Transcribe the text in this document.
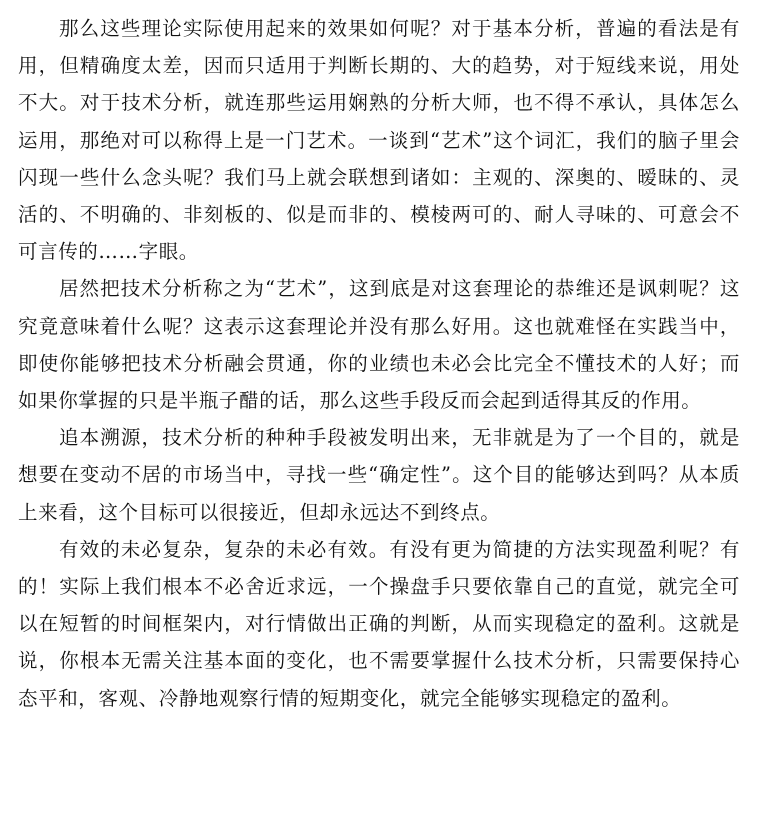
那么这些理论实际使用起来的效果如何呢？对于基本分析，普遍的看法是有用，但精确度太差，因而只适用于判断长期的、大的趋势，对于短线来说，用处不大。对于技术分析，就连那些运用娴熟的分析大师，也不得不承认，具体怎么运用，那绝对可以称得上是一门艺术。一谈到“艺术”这个词汇，我们的脑子里会闪现一些什么念头呢？我们马上就会联想到诸如：主观的、深奥的、暧昧的、灵活的、不明确的、非刻板的、似是而非的、模棱两可的、耐人寻味的、可意会不可言传的……字眼。

居然把技术分析称之为“艺术”，这到底是对这套理论的恭维还是讽刺呢？这究竟意味着什么呢？这表示这套理论并没有那么好用。这也就难怪在实践当中，即使你能够把技术分析融会贯通，你的业绩也未必会比完全不懂技术的人好；而如果你掌握的只是半瓶子醋的话，那么这些手段反而会起到适得其反的作用。

追本溯源，技术分析的种种手段被发明出来，无非就是为了一个目的，就是想要在变动不居的市场当中，寻找一些“确定性”。这个目的能够达到吗？从本质上来看，这个目标可以很接近，但却永远达不到终点。

有效的未必复杂，复杂的未必有效。有没有更为简捷的方法实现盈利呢？有的！实际上我们根本不必舍近求远，一个操盘手只要依靠自己的直觉，就完全可以在短暂的时间框架内，对行情做出正确的判断，从而实现稳定的盈利。这就是说，你根本无需关注基本面的变化，也不需要掌握什么技术分析，只需要保持心态平和，客观、冷静地观察行情的短期变化，就完全能够实现稳定的盈利。
